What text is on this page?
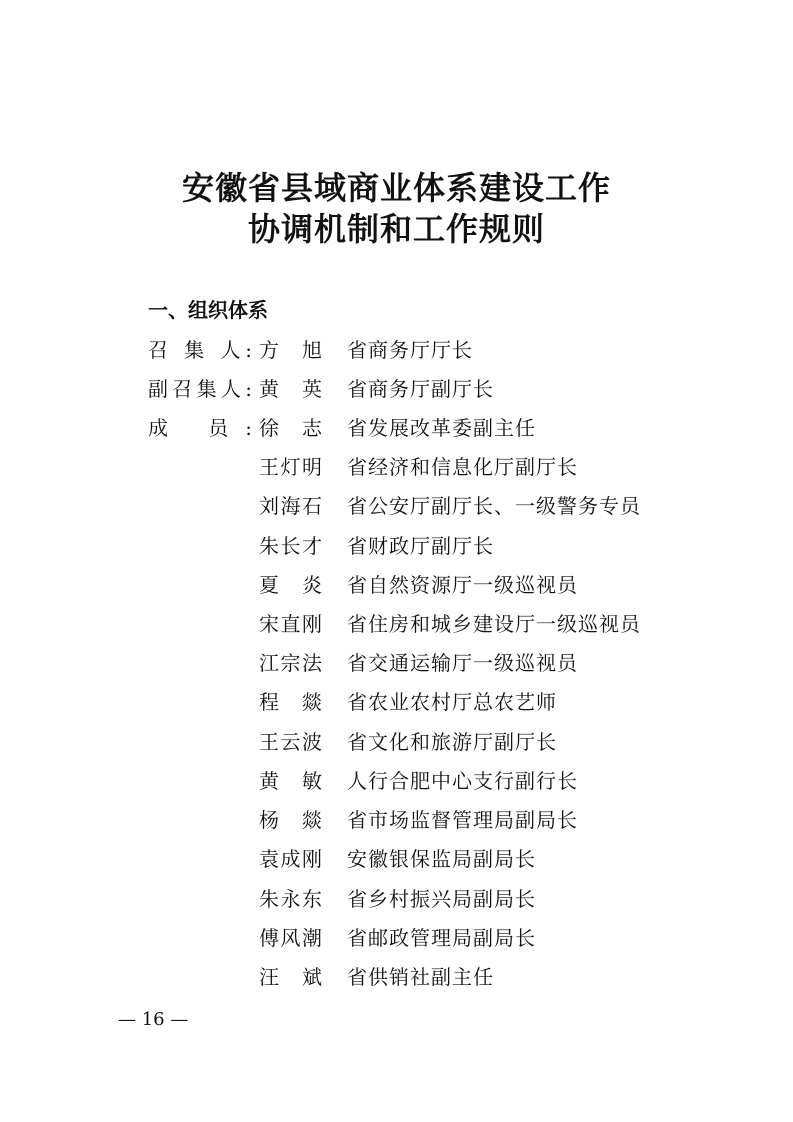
安徽省县域商业体系建设工作
协调机制和工作规则
一、组织体系
召 集 人: 方 旭 省商务厅厅长
副召集人: 黄 英 省商务厅副厅长
成 员: 徐 志 省发展改革委副主任
王灯明 省经济和信息化厅副厅长
刘海石 省公安厅副厅长、一级警务专员
朱长才 省财政厅副厅长
夏 炎 省自然资源厅一级巡视员
宋直刚 省住房和城乡建设厅一级巡视员
江宗法 省交通运输厅一级巡视员
程 燚 省农业农村厅总农艺师
王云波 省文化和旅游厅副厅长
黄 敏 人行合肥中心支行副行长
杨 燚 省市场监督管理局副局长
袁成刚 安徽银保监局副局长
朱永东 省乡村振兴局副局长
傅风潮 省邮政管理局副局长
汪 斌 省供销社副主任
— 16 —
